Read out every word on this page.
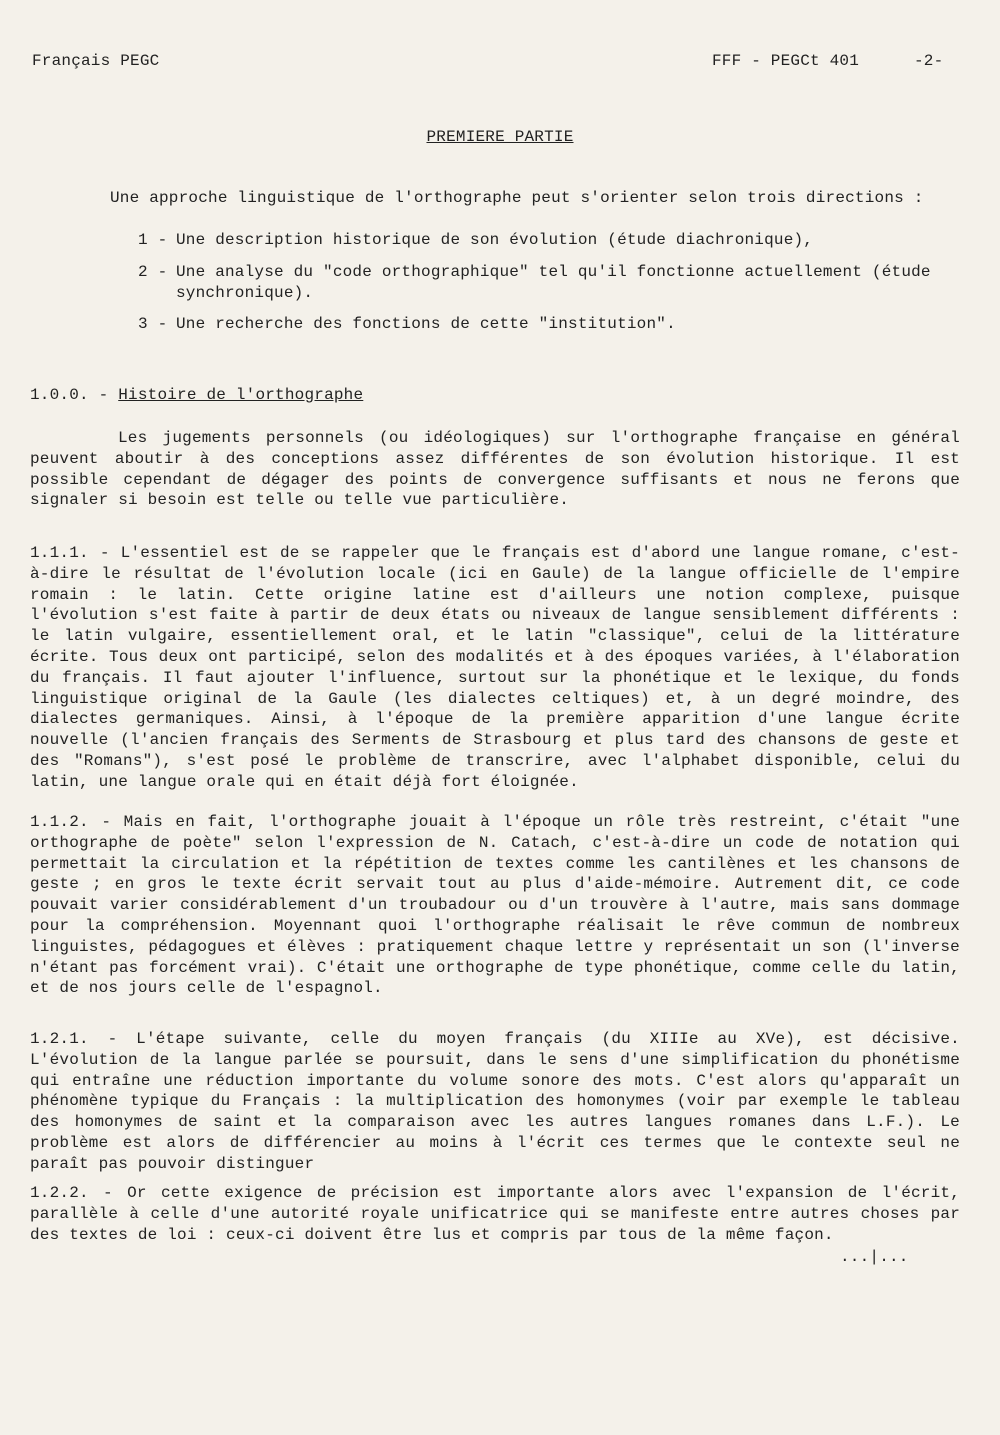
Français PEGC	FFF - PEGCt 401	-2-
PREMIERE PARTIE
Une approche linguistique de l'orthographe peut s'orienter selon trois directions :
1 - Une description historique de son évolution (étude diachronique),
2 - Une analyse du "code orthographique" tel qu'il fonctionne actuellement (étude
synchronique).
3 - Une recherche des fonctions de cette "institution".
1.0.0. - Histoire de l'orthographe
Les jugements personnels (ou idéologiques) sur l'orthographe française en général peuvent aboutir à des conceptions assez différentes de son évolution historique. Il est possible cependant de dégager des points de convergence suffisants et nous ne ferons que signaler si besoin est telle ou telle vue particulière.
1.1.1. - L'essentiel est de se rappeler que le français est d'abord une langue romane, c'est-à-dire le résultat de l'évolution locale (ici en Gaule) de la langue officielle de l'empire romain : le latin. Cette origine latine est d'ailleurs une notion complexe, puisque l'évolution s'est faite à partir de deux états ou niveaux de langue sensiblement différents : le latin vulgaire, essentiellement oral, et le latin "classique", celui de la littérature écrite. Tous deux ont participé, selon des modalités et à des époques variées, à l'élaboration du français. Il faut ajouter l'influence, surtout sur la phonétique et le lexique, du fonds linguistique original de la Gaule (les dialectes celtiques) et, à un degré moindre, des dialectes germaniques. Ainsi, à l'époque de la première apparition d'une langue écrite nouvelle (l'ancien français des Serments de Strasbourg et plus tard des chansons de geste et des "Romans"), s'est posé le problème de transcrire, avec l'alphabet disponible, celui du latin, une langue orale qui en était déjà fort éloignée.
1.1.2. - Mais en fait, l'orthographe jouait à l'époque un rôle très restreint, c'était "une orthographe de poète" selon l'expression de N. Catach, c'est-à-dire un code de notation qui permettait la circulation et la répétition de textes comme les cantilènes et les chansons de geste ; en gros le texte écrit servait tout au plus d'aide-mémoire. Autrement dit, ce code pouvait varier considérablement d'un troubadour ou d'un trouvère à l'autre, mais sans dommage pour la compréhension. Moyennant quoi l'orthographe réalisait le rêve commun de nombreux linguistes, pédagogues et élèves : pratiquement chaque lettre y représentait un son (l'inverse n'étant pas forcément vrai). C'était une orthographe de type phonétique, comme celle du latin, et de nos jours celle de l'espagnol.
1.2.1. - L'étape suivante, celle du moyen français (du XIIIe au XVe), est décisive. L'évolution de la langue parlée se poursuit, dans le sens d'une simplification du phonétisme qui entraîne une réduction importante du volume sonore des mots. C'est alors qu'apparaît un phénomène typique du Français : la multiplication des homonymes (voir par exemple le tableau des homonymes de saint et la comparaison avec les autres langues romanes dans L.F.). Le problème est alors de différencier au moins à l'écrit ces termes que le contexte seul ne paraît pas pouvoir distinguer
1.2.2. - Or cette exigence de précision est importante alors avec l'expansion de l'écrit, parallèle à celle d'une autorité royale unificatrice qui se manifeste entre autres choses par des textes de loi : ceux-ci doivent être lus et compris par tous de la même façon.
...|...
